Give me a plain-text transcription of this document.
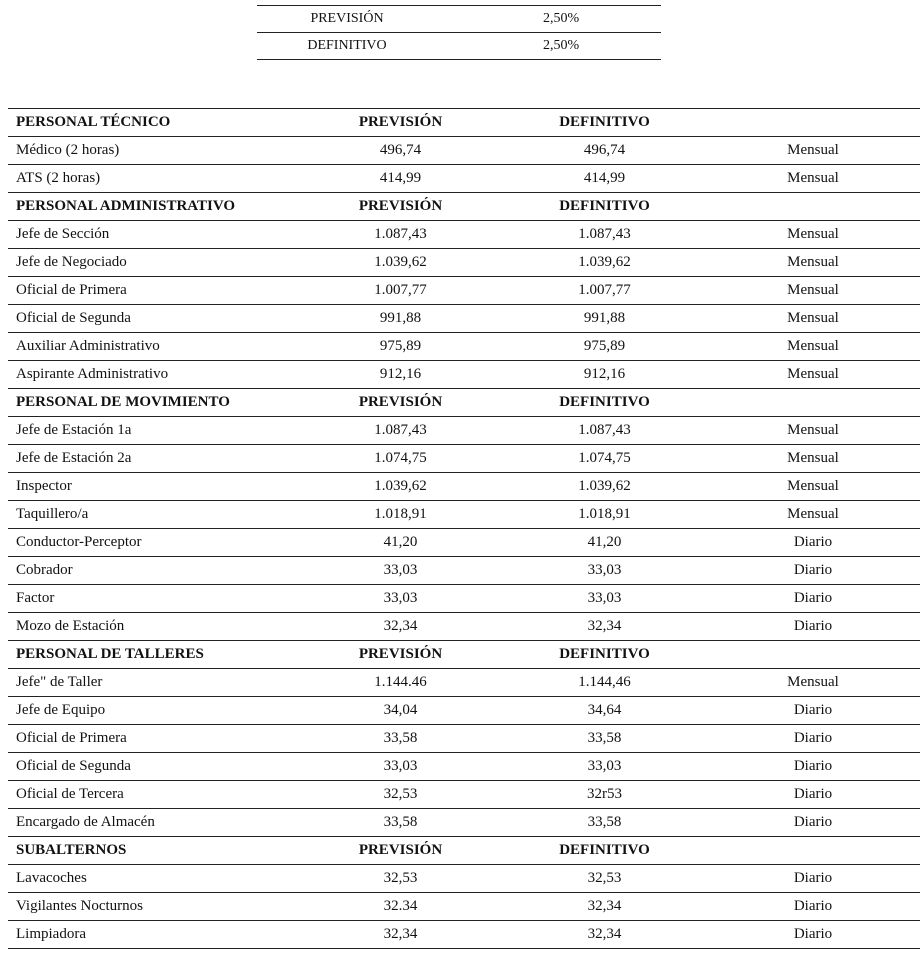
PREVISIÓN	2,50%
DEFINITIVO	2,50%
PERSONAL TÉCNICO	PREVISIÓN	DEFINITIVO	
Médico (2 horas)	496,74	496,74	Mensual
ATS (2 horas)	414,99	414,99	Mensual
PERSONAL ADMINISTRATIVO	PREVISIÓN	DEFINITIVO	
Jefe de Sección	1.087,43	1.087,43	Mensual
Jefe de Negociado	1.039,62	1.039,62	Mensual
Oficial de Primera	1.007,77	1.007,77	Mensual
Oficial de Segunda	991,88	991,88	Mensual
Auxiliar Administrativo	975,89	975,89	Mensual
Aspirante Administrativo	912,16	912,16	Mensual
PERSONAL DE MOVIMIENTO	PREVISIÓN	DEFINITIVO	
Jefe de Estación 1a	1.087,43	1.087,43	Mensual
Jefe de Estación 2a	1.074,75	1.074,75	Mensual
Inspector	1.039,62	1.039,62	Mensual
Taquillero/a	1.018,91	1.018,91	Mensual
Conductor-Perceptor	41,20	41,20	Diario
Cobrador	33,03	33,03	Diario
Factor	33,03	33,03	Diario
Mozo de Estación	32,34	32,34	Diario
PERSONAL DE TALLERES	PREVISIÓN	DEFINITIVO	
Jefe" de Taller	1.144.46	1.144,46	Mensual
Jefe de Equipo	34,04	34,64	Diario
Oficial de Primera	33,58	33,58	Diario
Oficial de Segunda	33,03	33,03	Diario
Oficial de Tercera	32,53	32r53	Diario
Encargado de Almacén	33,58	33,58	Diario
SUBALTERNOS	PREVISIÓN	DEFINITIVO	
Lavacoches	32,53	32,53	Diario
Vigilantes Nocturnos	32.34	32,34	Diario
Limpiadora	32,34	32,34	Diario
